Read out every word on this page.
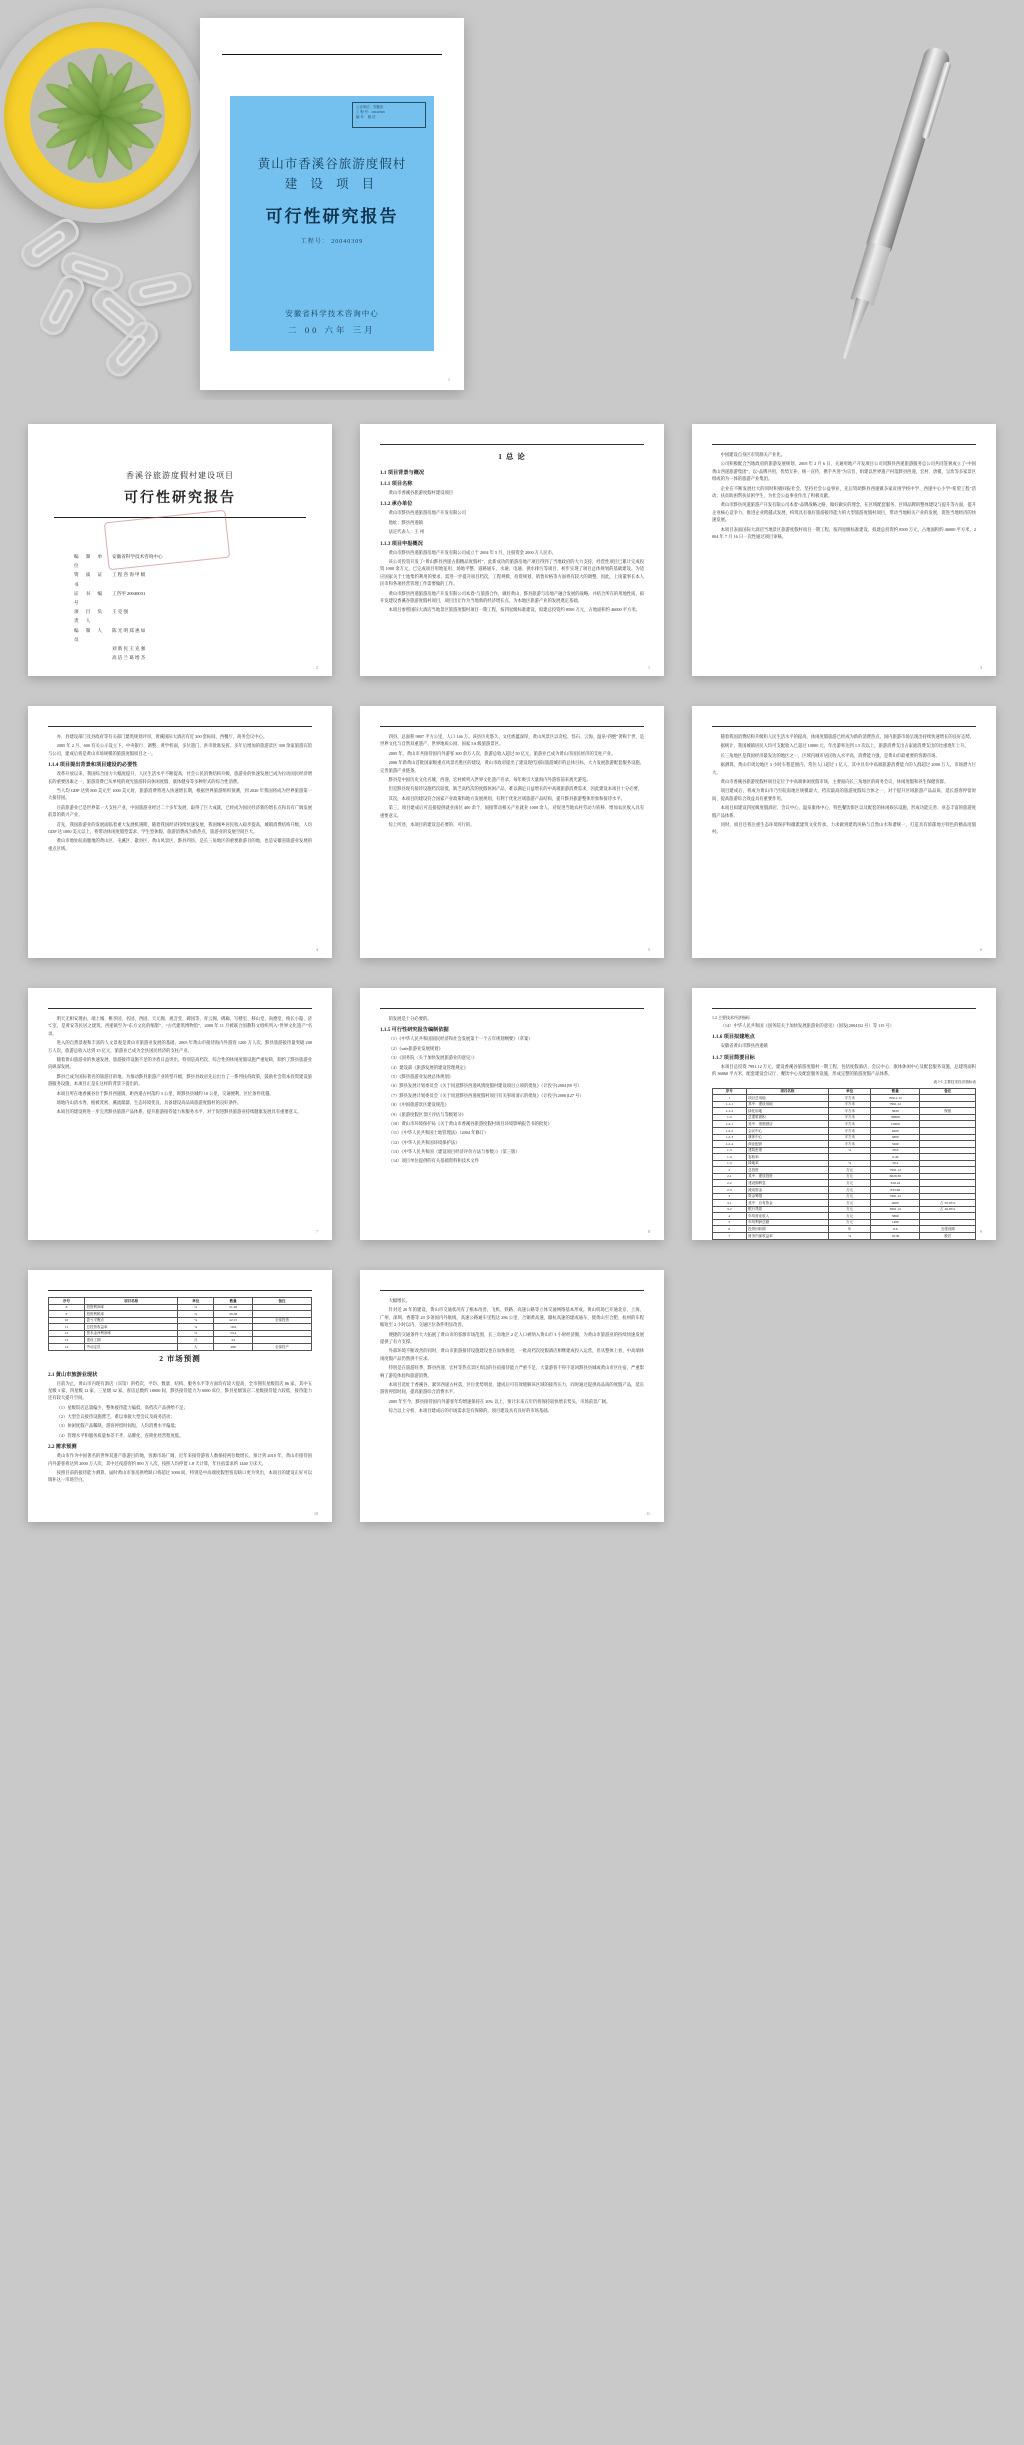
公正单位：安徽省
工 程 号：20040309
编 号： 版 次
黄山市香溪谷旅游度假村
建 设 项 目
可行性研究报告
工程号： 20040309
安徽省科学技术咨询中心
二 00 六年 三月
1
香溪谷旅游度假村建设项目
可行性研究报告
编 制 单 位
安徽省科学技术咨询中心
资 质 证 书
工 程 咨 询 甲 级
证 书 编 号
工咨甲 20040031
项 目 负 责 人
王 克 强
编 制 人 员
陈 光 明 郑 惠 如
刘 新 民 王 克 强
高 洁 兰 葛 增 杰
2
1 总 论
1.1 项目背景与概况
1.1.1 项目名称
黄山市香溪谷旅游度假村建设项目
1.1.2 承办单位
黄山市黟县西递旅游房地产开发有限公司
地址：黟县西递镇
法定代表人：王 州
1.1.3 项目申报概况
黄山市黟县西递旅游房地产开发有限公司成立于 2004 年 5 月，注册资金 2000 万人民币。
该公司投资开发了“黄山黟县西递古街精品度假村”，此新成功的旅游房地产项目得到了当地政府的大力支持，经营性项目已累计完成投资 1000 余万元，已完成项目用地征用、场地平整、道路通车、水通、电通、供水排污等项目，初步实现了项目总体规划的基础建设。为适应国家关于土地集约利用的要求，需进一步提升项目档次，工程规模、投资规划、销售价格等方面将有较大的调整，因此，上岗董事长本人民币和各项经营管理工作需要做的工作。
黄山市黟县西递旅游房地产开发有限公司本着“与旅游合作，做好黄山、黟县旅游与房地产融合发展的战略，并结合所在的用地性质，拟开发建设香溪谷旅游度假村项目，项目出让作为当地新的经济增长点，为本地区旅游产业的发展奠定基础。
本项目参照国际大酒店当地景区旅游度假村项目一期工程，按四星级标准建设，拟建总投资约 8500 万元，占地面积约 46000 平方米。
1
中国建设自身区市资源关产业化。
公司积极配合当地政府的旅游发展规划，2005 年 2 月 6 日，关通用地产开发项目公司同黟县西递旅游服务总公司共同签署成立了“中国黄山西递旅游集团”，以“品牌共用，优势互补，统一宣传，携手共进”为宗旨，组建以世界遗产村落黟县西递、宏村、唐模、呈坎等多家景区组成的为一体的旅游产业集团。
企业在不断发展壮大的同时积极回报社会，坚持社会公益事业，先后资助黟县西递镇多家贫困学校中学、西递中心小学“希望工程”活动；扶贫助困帮扶贫困学生，为社会公益事业作出了积极贡献。
黄山市黟县风遗旅游产开发有限公司本着“品牌战略之路，做好做实的理念，在区域配套服务、区域品牌的整体建设与提升等方面，提升企业核心竞争力，推进企业跨越式发展，构筑具有很好旅游接待能力的大型旅游度假村项目，带动当地相关产业的发展，促进当地经济的快速发展。
本项目表面国际大酒店当地景区旅游度假村项目一期工程，按四星级标准建设，拟建总投资约 8500 万元，占地面积约 46000 平方米，2004 年 7 月 16 日一次性通过项目审核。
3
亦、县建设部门及县政府等有关部门建筑规划评审，黄溪国际大酒店有近 300 套标间、西餐厅、商务会议中心。
2005 年 2 月，600 有关公示设立下，中央银行、调整、黄学校面，多位遗门、洪市批准发挥，多年后增加的旅游景区 300 余家旅游宾馆与公司，建成后将是黄山市场规模的旅游度假项目之一。
1.1.4 项目提出背景和项目建设的必要性
改革开放以来，我国综合国力大幅度提升，人民生活水平不断提高，社会公民消费结构升级，旅游业的快速发展已成为拉动国民经济增长的重要因素之一，旅游消费已从单纯的观光旅游转向休闲度假、康体健身等多种形式的综合性消费。
当人均 GDP 达到 800 美元至 1000 美元时，旅游消费将进入快速增长期，根据世界旅游组织预测，到 2020 年我国将成为世界旅游第一大接待国。
目前旅游业已是世界第一大支柱产业，中国旅游业经过二十多年发展，取得了巨大成就，已经成为国民经济新的增长点和具有广阔发展前景的新兴产业。
首先，我国旅游业的发展面临着重大发展机遇期，随着我国经济持续快速发展，我国城乡居民收入稳步提高，城镇消费结构升级，人均 GDP 达 1000 美元以上，将带动休闲度假型需求、学生型休假，旅游消费成为新热点，旅游业的发展空间巨大。
黄山市地处皖南腹地的黄山区、屯溪区、歙县区、黄山风景区、黟县四县，是长三角地区的重要旅游目的地，也是安徽省旅游业发展的重点区域。
4
四县，总面积 9807 平方公里，人口 146 万。该县历史悠久、文化底蕴深厚，黄山风景区以奇松、怪石、云海、温泉“四绝”著称于世，是世界文化与自然双重遗产、世界地质公园、国家 5A 级旅游景区。
2005 年，黄山市共接待国内外游客 300 余万人次，旅游总收入超过 50 亿元，旅游业已成为黄山市国民经济的支柱产业。
2006 年新黄山首批国家级重点风景名胜区的建设，黄山市政府提出了建设现代国际旅游城市的总体目标，大力发展旅游配套服务设施，完善旅游产业链条。
黟县是中国历史文化名城，西递、宏村被列入世界文化遗产名录，每年吸引大量海内外游客前来观光游览。
但是黟县现有接待设施档次较低，缺乏高档次的度假休闲产品，难以满足日益增长的中高端旅游消费需求，因此建设本项目十分必要。
其次，本项目的建设符合国家产业政策和地方发展规划，有利于优化区域旅游产品结构，提升黟县旅游整体形象和接待水平。
第三，项目建成后可直接提供就业岗位 400 余个，间接带动相关产业就业 1000 余人，对促进当地农村劳动力转移、增加农民收入具有重要意义。
综上所述，本项目的建设是必要的、可行的。
5
随着我国消费结构升级和人民生活水平的提高，休闲度假旅游已经成为新的消费热点，国内旅游市场呈现出持续快速增长的良好态势。
据统计，我国城镇居民人均可支配收入已超过 10000 元，年出游率达到 1.5 次以上，旅游消费支出占家庭消费支出的比重逐年上升。
长三角地区是我国经济最发达的地区之一，区域内城市居民收入水平高、消费能力强，是黄山市最重要的客源市场。
据测算，黄山市周边地区 3 小时车程范围内，常住人口超过 1 亿人，其中具有中高端旅游消费能力的人群超过 2000 万人，市场潜力巨大。
黄山市香溪谷旅游度假村项目定位于中高端休闲度假市场，主要面向长三角地区的商务会议、休闲度假和养生保健客群。
项目建成后，将成为黄山市乃至皖南地区规模最大、档次最高的旅游度假综合体之一，对于提升区域旅游产品品质、延长游客停留时间、提高旅游综合效益具有重要作用。
本项目拟建设四星级度假酒店、会议中心、温泉康体中心、特色餐饮街区以及配套的休闲娱乐设施，形成功能完善、业态丰富的旅游度假产品体系。
同时，项目还将注重生态环境保护和徽派建筑文化传承，力求做到建筑风格与自然山水和谐统一，打造具有浓郁地方特色的精品度假村。
6
明天无相安理由、端上城、桃李园、名园、西园、天元阁、观音堂、碑园等，青云阁、碑廊、写楼室、移山堂、尚德堂、棱长小隐、济て室、是黄安等民居之建筑，西递镇至为“东方文化的缩影”、“古代建筑博物馆”，2000 年 11 月被联合国教科文组织列入“世界文化遗产”名录。
进入的自然景观和丰富的人文景观是黄山市旅游业发展的基础，2005 年黄山市接待海内外游客 1200 万人次，黟县旅游接待量突破 200 万人次，旅游总收入达到 15 亿元，旅游业已成为全县国民经济的支柱产业。
随着黄山旅游业的快速发展，旅游接待设施不足的矛盾日益突出，特别是高档次、综合性的休闲度假设施严重短缺，制约了黟县旅游业向纵深发展。
黟县已成为国际著名的旅游目的地，为推动黟县旅游产业转型升级，黟县县政府先后出台了一系列扶持政策，鼓励社会资本投资建设旅游服务设施，本项目正是在这样的背景下提出的。
本项目所在地香溪谷位于黟县西递镇，距西递古村落约 3 公里，距黟县县城约 10 公里，交通便利，区位条件优越。
场地内山清水秀、植被茂密、溪流潺潺，生态环境优良，具备建设高品质旅游度假村的良好条件。
本项目的建设将进一步完善黟县旅游产品体系，提升旅游接待能力和服务水平，对于促进黟县旅游业持续健康发展具有重要意义。
7
的发展是十分必要的。
1.1.5 可行性研究报告编制依据
（1）《中华人民共和国国民经济和社会发展第十一个五年规划纲要》（草案）
（2）《safe旅游业发展规划》
（3）《国务院〈关于加快发展旅游业的意见〉》
（4）建设部《旅游发展的建设管理规定》
（5）《黟县旅游业发展总体规划》
（6）黟县发展计划委员会《关于同意黟县西递风情度假村建设项目立项的批复》（计投字[2004]59 号）
（7）黟县发展计划委员会《关于同意黟县西递度假村项目有关事项请示的批复》（计投字[2006]127 号）
（8）《中国旅游景区建设规范》
（9）《旅游度假区景区评估与等级划分》
（10）黄山市环境保护局《关于黄山市香溪谷旅游度假村项目环境影响报告书的批复》
（11）《中华人民共和国土地管理法》（2004 年修订）
（12）《中华人民共和国环境保护法》
（13）《中华人民共和国〈建设项目经济评价方法与参数〉》（第三版）
（14）项目单位提供的有关基础资料和技术文件
8
1.2 主要技术经济指标
（14）中华人民共和国《国务院关于加快发展旅游业的意见》（国发[2004]32 号）等 115 号）
1.1.6 项目拟建地点
安徽省黄山市黟县西递镇
1.1.7 项目简要目标
本项目总投资 7991.12 万元，建设香溪谷旅游度假村一期工程，包括度假酒店、会议中心、康体休闲中心及配套服务设施，总建筑面积约 36860 平方米，配套建设会议厅、餐饮中心及配套服务设施，形成完整的旅游度假产品体系。
表 1-1 主要技术经济指标表
序号	项目名称	单位	数量	备注
1	项目总用地	平方米	79911.12	
1-1-1	其中：建设用地	平方米	7991.12	
1-1-2	绿化用地	平方米	3820	保留
1-2	总建筑面积	平方米	36860	
1-2-1	其中：度假酒店	平方米	15600	
1-2-2	会议中心	平方米	6200	
1-2-3	康体中心	平方米	4800	
1-2-4	商业配套	平方米	3260	
1-3	建筑密度	%	28.6	
1-4	容积率		0.46	
1-5	绿地率	%	56.2	
2	总投资	万元	7991.12	
2-1	其中：建设投资	万元	6829.30	
2-2	建设期利息	万元	328.16	
2-3	流动资金	万元	833.66	
3	资金筹措	万元	7991.12	
3-1	其中：自有资金	万元	4000	占 50.05%
3-2	银行贷款	万元	3991.12	占 49.95%
4	年均营业收入	万元	5860	
5	年均利润总额	万元	1486	
6	投资回收期	年	8.6	含建设期
7	财务内部收益率	%	18.36	税后
9
序号	项目名称	单位	数量	备注
8	投资利润率	%	21.46	
9	投资利税率	%	26.38	
10	盈亏平衡点	%	42.15	全部投资
11	总投资收益率	%	18.6	
12	资本金净利润率	%	23.4	
13	建设工期	月	24	
14	劳动定员	人	286	全部投产
2 市场预测
2.1 黄山市旅游业现状
目前为止，黄山市内现有酒店（宾馆）的档次、平均、数量、结构、服务水平等方面均有较大提高，全市拥有星级饭店 86 家，其中五星级 3 家、四星级 12 家、三星级 32 家，客房总数约 18000 间，黟县接待能力为 6000 床位，黟县星级饭店二星级接待能力较低，接待能力还有较大提升空间。
（1）星级饭店总量偏少，整体接待能力偏低，高档次产品供给不足；
（2）大型会议接待设施匮乏，难以承接大型会议及商务活动；
（3）休闲度假产品稀缺，游客停留时间短，人均消费水平偏低；
（4）管理水平和服务质量参差不齐，品牌化、连锁化经营程度低。
2.2 需求预测
黄山市作为中国著名的世界双遗产旅游目的地，客源市场广阔，近年来接待游客人数保持两位数增长。预计到 2010 年，黄山市接待国内外游客将达到 2000 万人次，其中过夜游客约 800 万人次，按照人均停留 1.8 天计算，年住宿需求约 1440 万床天。
按照目前的接待能力测算，届时黄山市客房供给缺口将超过 3000 间，特别是中高端度假型客房缺口更为突出，本项目的建设正好可以填补这一市场空白。
10
大幅增长。
针对近 20 年的建设，黄山市交通状况有了根本改善，飞机、铁路、高速公路等立体交通网络基本形成。黄山机场已开通北京、上海、广州、深圳、香港等 20 多条国内外航线，高速公路通车里程达 286 公里，合铜黄高速、徽杭高速的建成通车，使黄山至合肥、杭州的车程缩短至 2 小时以内，交通区位条件明显改善。
便捷的交通条件大大拓展了黄山市的客源市场范围，长三角地区 2 亿人口被纳入黄山市 3 小时经济圈，为黄山市旅游业的持续快速发展提供了有力支撑。
外部环境不断改善的同时，黄山市旅游接待设施建设也在加快推进，一批高档次度假酒店相继建成投入运营，但从整体上看，中高端休闲度假产品仍然供不应求。
特别是在旅游旺季，黟县西递、宏村等热点景区周边的住宿接待能力严重不足，大量游客不得不返回黟县县城或黄山市区住宿，严重影响了游览体验和旅游消费。
本项目选址于香溪谷，紧邻西递古村落，区位优势明显，建成后可有效缓解该区域的接待压力，同时通过提供高品质的度假产品，延长游客停留时间，提高旅游综合消费水平。
2005 年至今，黟县接待国内外游客年均增速保持在 20% 以上，预计未来五年仍将保持较快增长势头，市场前景广阔。
综合以上分析，本项目建成后的市场需求是有保障的，项目建设具有良好的市场基础。
11
